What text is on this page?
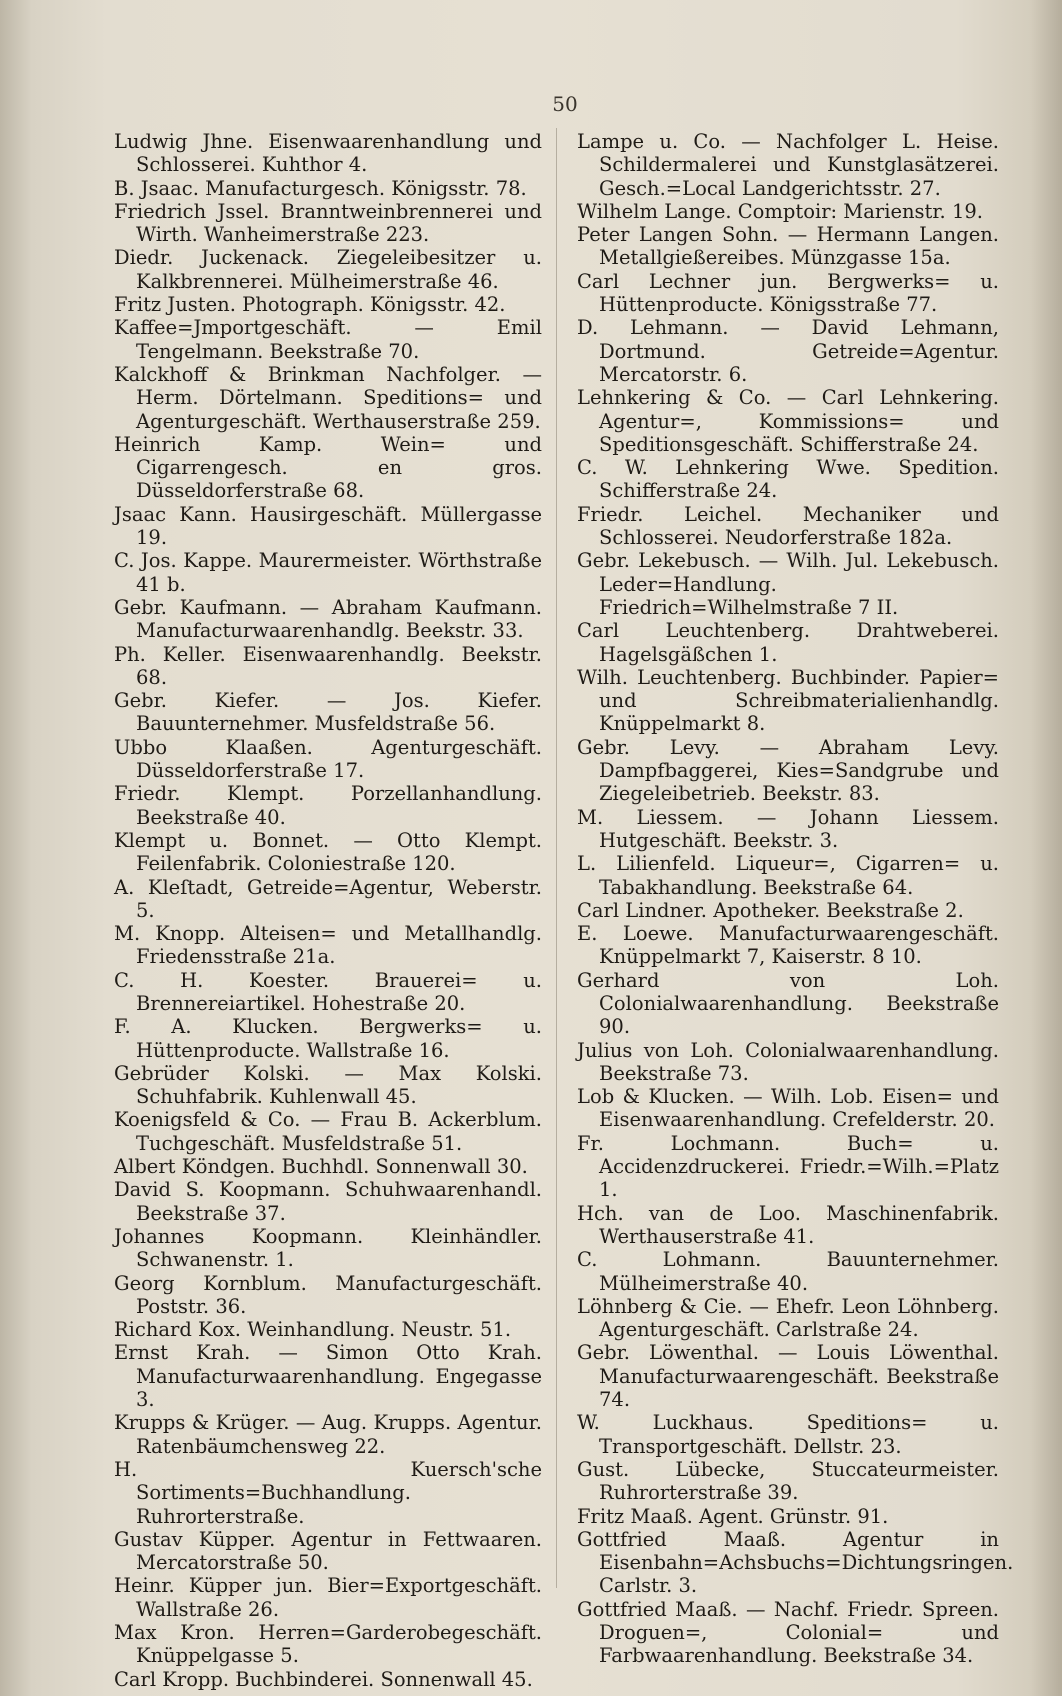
50

Ludwig Jhne. Eisenwaarenhandlung und Schlosserei. Kuhthor 4.

B. Jsaac. Manufacturgesch. Königsstr. 78.

Friedrich Jssel. Branntweinbrennerei und Wirth. Wanheimerstraße 223.

Diedr. Juckenack. Ziegeleibesitzer u. Kalkbrennerei. Mülheimerstraße 46.

Fritz Justen. Photograph. Königsstr. 42.

Kaffee=Jmportgeschäft. — Emil Tengelmann. Beekstraße 70.

Kalckhoff & Brinkman Nachfolger. — Herm. Dörtelmann. Speditions= und Agenturgeschäft. Werthauserstraße 259.

Heinrich Kamp. Wein= und Cigarrengesch. en gros. Düsseldorferstraße 68.

Jsaac Kann. Hausirgeschäft. Müllergasse 19.

C. Jos. Kappe. Maurermeister. Wörthstraße 41 b.

Gebr. Kaufmann. — Abraham Kaufmann. Manufacturwaarenhandlg. Beekstr. 33.

Ph. Keller. Eisenwaarenhandlg. Beekstr. 68.

Gebr. Kiefer. — Jos. Kiefer. Bauunternehmer. Musfeldstraße 56.

Ubbo Klaaßen. Agenturgeschäft. Düsseldorferstraße 17.

Friedr. Klempt. Porzellanhandlung. Beekstraße 40.

Klempt u. Bonnet. — Otto Klempt. Feilenfabrik. Coloniestraße 120.

A. Kleſtadt, Getreide=Agentur, Weberstr. 5.

M. Knopp. Alteisen= und Metallhandlg. Friedensstraße 21a.

C. H. Koester. Brauerei= u. Brennereiartikel. Hohestraße 20.

F. A. Klucken. Bergwerks= u. Hüttenproducte. Wallstraße 16.

Gebrüder Kolski. — Max Kolski. Schuhfabrik. Kuhlenwall 45.

Koenigsfeld & Co. — Frau B. Ackerblum. Tuchgeschäft. Musfeldstraße 51.

Albert Köndgen. Buchhdl. Sonnenwall 30.

David S. Koopmann. Schuhwaarenhandl. Beekstraße 37.

Johannes Koopmann. Kleinhändler. Schwanenstr. 1.

Georg Kornblum. Manufacturgeschäft. Poststr. 36.

Richard Kox. Weinhandlung. Neustr. 51.

Ernst Krah. — Simon Otto Krah. Manufacturwaarenhandlung. Engegasse 3.

Krupps & Krüger. — Aug. Krupps. Agentur. Ratenbäumchensweg 22.

H. Kuersch'sche Sortiments=Buchhandlung. Ruhrorterstraße.

Gustav Küpper. Agentur in Fettwaaren. Mercatorstraße 50.

Heinr. Küpper jun. Bier=Exportgeschäft. Wallstraße 26.

Max Kron. Herren=Garderobegeschäft. Knüppelgasse 5.

Carl Kropp. Buchbinderei. Sonnenwall 45.

Lampe u. Co. — Nachfolger L. Heise. Schildermalerei und Kunstglasätzerei. Gesch.=Local Landgerichtsstr. 27.

Wilhelm Lange. Comptoir: Marienstr. 19.

Peter Langen Sohn. — Hermann Langen. Metallgießereibes. Münzgasse 15a.

Carl Lechner jun. Bergwerks= u. Hüttenproducte. Königsstraße 77.

D. Lehmann. — David Lehmann, Dortmund. Getreide=Agentur. Mercatorstr. 6.

Lehnkering & Co. — Carl Lehnkering. Agentur=, Kommissions= und Speditionsgeschäft. Schifferstraße 24.

C. W. Lehnkering Wwe. Spedition. Schifferstraße 24.

Friedr. Leichel. Mechaniker und Schlosserei. Neudorferstraße 182a.

Gebr. Lekebusch. — Wilh. Jul. Lekebusch. Leder=Handlung. Friedrich=Wilhelmstraße 7 II.

Carl Leuchtenberg. Drahtweberei. Hagelsgäßchen 1.

Wilh. Leuchtenberg. Buchbinder. Papier= und Schreibmaterialienhandlg. Knüppelmarkt 8.

Gebr. Levy. — Abraham Levy. Dampfbaggerei, Kies=Sandgrube und Ziegeleibetrieb. Beekstr. 83.

M. Liessem. — Johann Liessem. Hutgeschäft. Beekstr. 3.

L. Lilienfeld. Liqueur=, Cigarren= u. Tabakhandlung. Beekstraße 64.

Carl Lindner. Apotheker. Beekstraße 2.

E. Loewe. Manufacturwaarengeschäft. Knüppelmarkt 7, Kaiserstr. 8 10.

Gerhard von Loh. Colonialwaarenhandlung. Beekstraße 90.

Julius von Loh. Colonialwaarenhandlung. Beekstraße 73.

Lob & Klucken. — Wilh. Lob. Eisen= und Eisenwaarenhandlung. Crefelderstr. 20.

Fr. Lochmann. Buch= u. Accidenzdruckerei. Friedr.=Wilh.=Platz 1.

Hch. van de Loo. Maschinenfabrik. Werthauserstraße 41.

C. Lohmann. Bauunternehmer. Mülheimerstraße 40.

Löhnberg & Cie. — Ehefr. Leon Löhnberg. Agenturgeschäft. Carlstraße 24.

Gebr. Löwenthal. — Louis Löwenthal. Manufacturwaarengeschäft. Beekstraße 74.

W. Luckhaus. Speditions= u. Transportgeschäft. Dellstr. 23.

Gust. Lübecke, Stuccateurmeister. Ruhrorterstraße 39.

Fritz Maaß. Agent. Grünstr. 91.

Gottfried Maaß. Agentur in Eisenbahn=Achsbuchs=Dichtungsringen. Carlstr. 3.

Gottfried Maaß. — Nachf. Friedr. Spreen. Droguen=, Colonial= und Farbwaarenhandlung. Beekstraße 34.
